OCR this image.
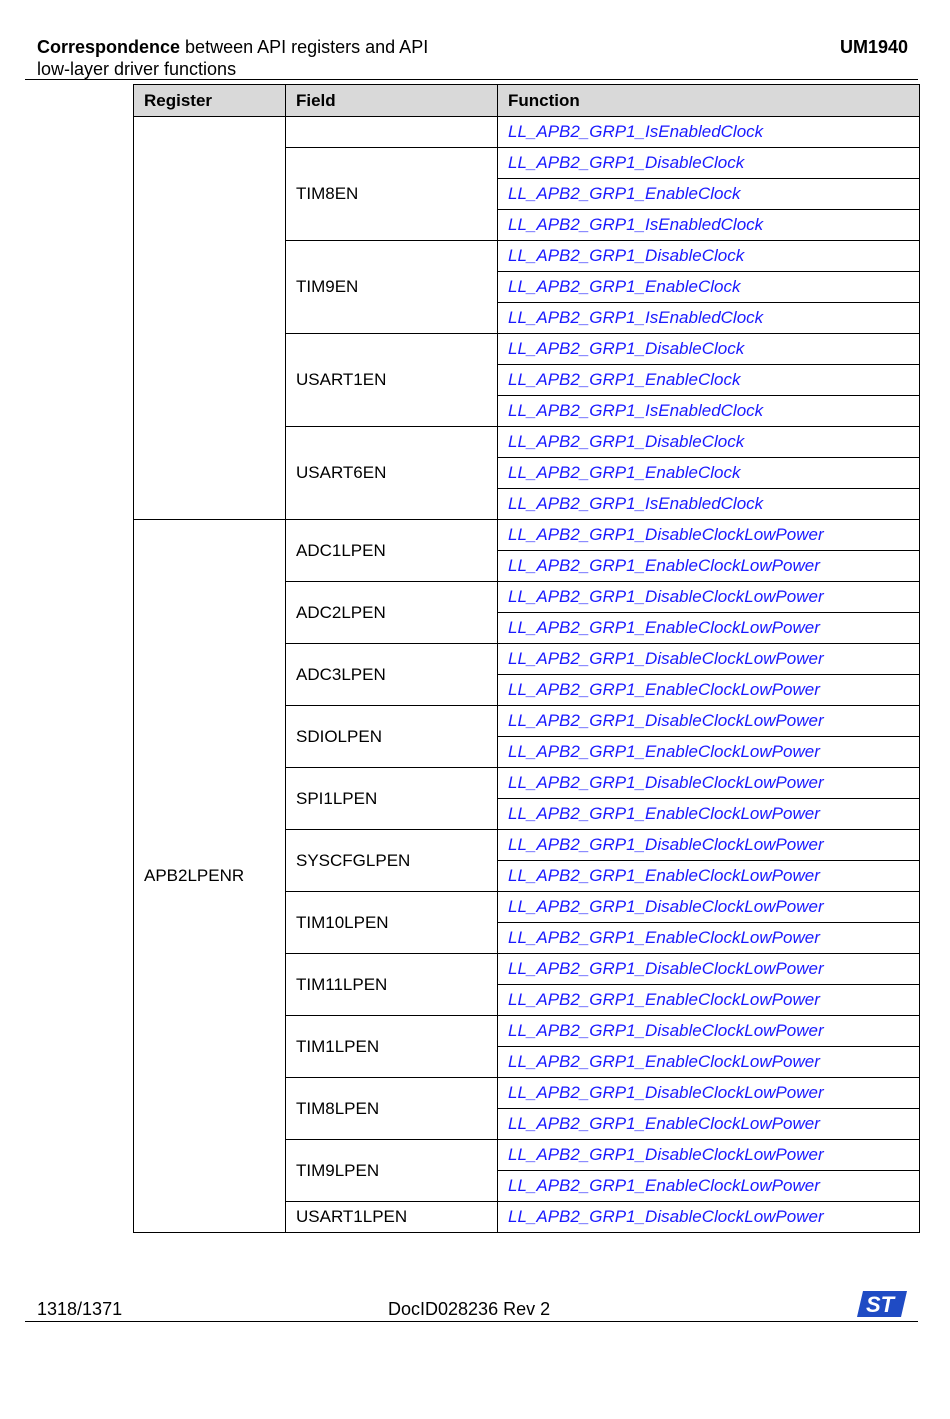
Correspondence between API registers and API
low-layer driver functions
UM1940
Register	Field	Function
		LL_APB2_GRP1_IsEnabledClock
	TIM8EN	LL_APB2_GRP1_DisableClock
		LL_APB2_GRP1_EnableClock
		LL_APB2_GRP1_IsEnabledClock
	TIM9EN	LL_APB2_GRP1_DisableClock
		LL_APB2_GRP1_EnableClock
		LL_APB2_GRP1_IsEnabledClock
	USART1EN	LL_APB2_GRP1_DisableClock
		LL_APB2_GRP1_EnableClock
		LL_APB2_GRP1_IsEnabledClock
	USART6EN	LL_APB2_GRP1_DisableClock
		LL_APB2_GRP1_EnableClock
		LL_APB2_GRP1_IsEnabledClock
APB2LPENR	ADC1LPEN	LL_APB2_GRP1_DisableClockLowPower
		LL_APB2_GRP1_EnableClockLowPower
	ADC2LPEN	LL_APB2_GRP1_DisableClockLowPower
		LL_APB2_GRP1_EnableClockLowPower
	ADC3LPEN	LL_APB2_GRP1_DisableClockLowPower
		LL_APB2_GRP1_EnableClockLowPower
	SDIOLPEN	LL_APB2_GRP1_DisableClockLowPower
		LL_APB2_GRP1_EnableClockLowPower
	SPI1LPEN	LL_APB2_GRP1_DisableClockLowPower
		LL_APB2_GRP1_EnableClockLowPower
	SYSCFGLPEN	LL_APB2_GRP1_DisableClockLowPower
		LL_APB2_GRP1_EnableClockLowPower
	TIM10LPEN	LL_APB2_GRP1_DisableClockLowPower
		LL_APB2_GRP1_EnableClockLowPower
	TIM11LPEN	LL_APB2_GRP1_DisableClockLowPower
		LL_APB2_GRP1_EnableClockLowPower
	TIM1LPEN	LL_APB2_GRP1_DisableClockLowPower
		LL_APB2_GRP1_EnableClockLowPower
	TIM8LPEN	LL_APB2_GRP1_DisableClockLowPower
		LL_APB2_GRP1_EnableClockLowPower
	TIM9LPEN	LL_APB2_GRP1_DisableClockLowPower
		LL_APB2_GRP1_EnableClockLowPower
	USART1LPEN	LL_APB2_GRP1_DisableClockLowPower
1318/1371	DocID028236 Rev 2	ST
